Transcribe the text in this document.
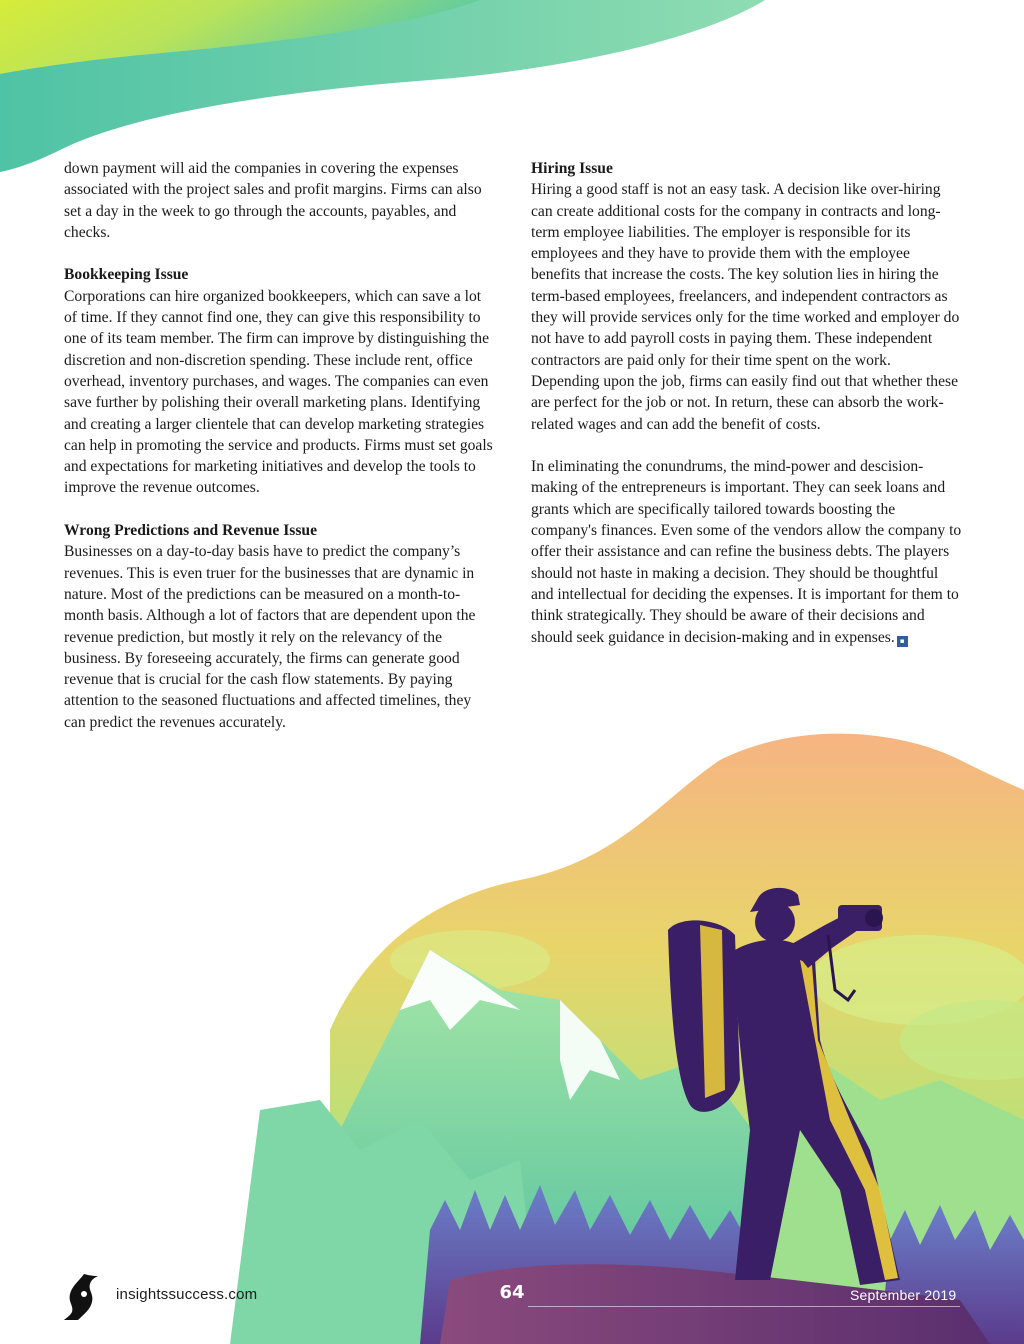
down payment will aid the companies in covering the expenses associated with the project sales and profit margins. Firms can also set a day in the week to go through the accounts, payables, and checks.

Bookkeeping Issue

Corporations can hire organized bookkeepers, which can save a lot of time. If they cannot find one, they can give this responsibility to one of its team member. The firm can improve by distinguishing the discretion and non-discretion spending. These include rent, office overhead, inventory purchases, and wages. The companies can even save further by polishing their overall marketing plans. Identifying and creating a larger clientele that can develop marketing strategies can help in promoting the service and products. Firms must set goals and expectations for marketing initiatives and develop the tools to improve the revenue outcomes.

Wrong Predictions and Revenue Issue

Businesses on a day-to-day basis have to predict the company’s revenues. This is even truer for the businesses that are dynamic in nature. Most of the predictions can be measured on a month-to-month basis. Although a lot of factors that are dependent upon the revenue prediction, but mostly it rely on the relevancy of the business. By foreseeing accurately, the firms can generate good revenue that is crucial for the cash flow statements. By paying attention to the seasoned fluctuations and affected timelines, they can predict the revenues accurately.

Hiring Issue

Hiring a good staff is not an easy task. A decision like over-hiring can create additional costs for the company in contracts and long-term employee liabilities. The employer is responsible for its employees and they have to provide them with the employee benefits that increase the costs. The key solution lies in hiring the term-based employees, freelancers, and independent contractors as they will provide services only for the time worked and employer do not have to add payroll costs in paying them. These independent contractors are paid only for their time spent on the work. Depending upon the job, firms can easily find out that whether these are perfect for the job or not. In return, these can absorb the work-related wages and can add the benefit of costs.

In eliminating the conundrums, the mind-power and descision-making of the entrepreneurs is important. They can seek loans and grants which are specifically tailored towards boosting the company's finances. Even some of the vendors allow the company to offer their assistance and can refine the business debts. The players should not haste in making a decision. They should be thoughtful and intellectual for deciding the expenses. It is important for them to think strategically. They should be aware of their decisions and should seek guidance in decision-making and in expenses. ▪

insightssuccess.com	64	September 2019
